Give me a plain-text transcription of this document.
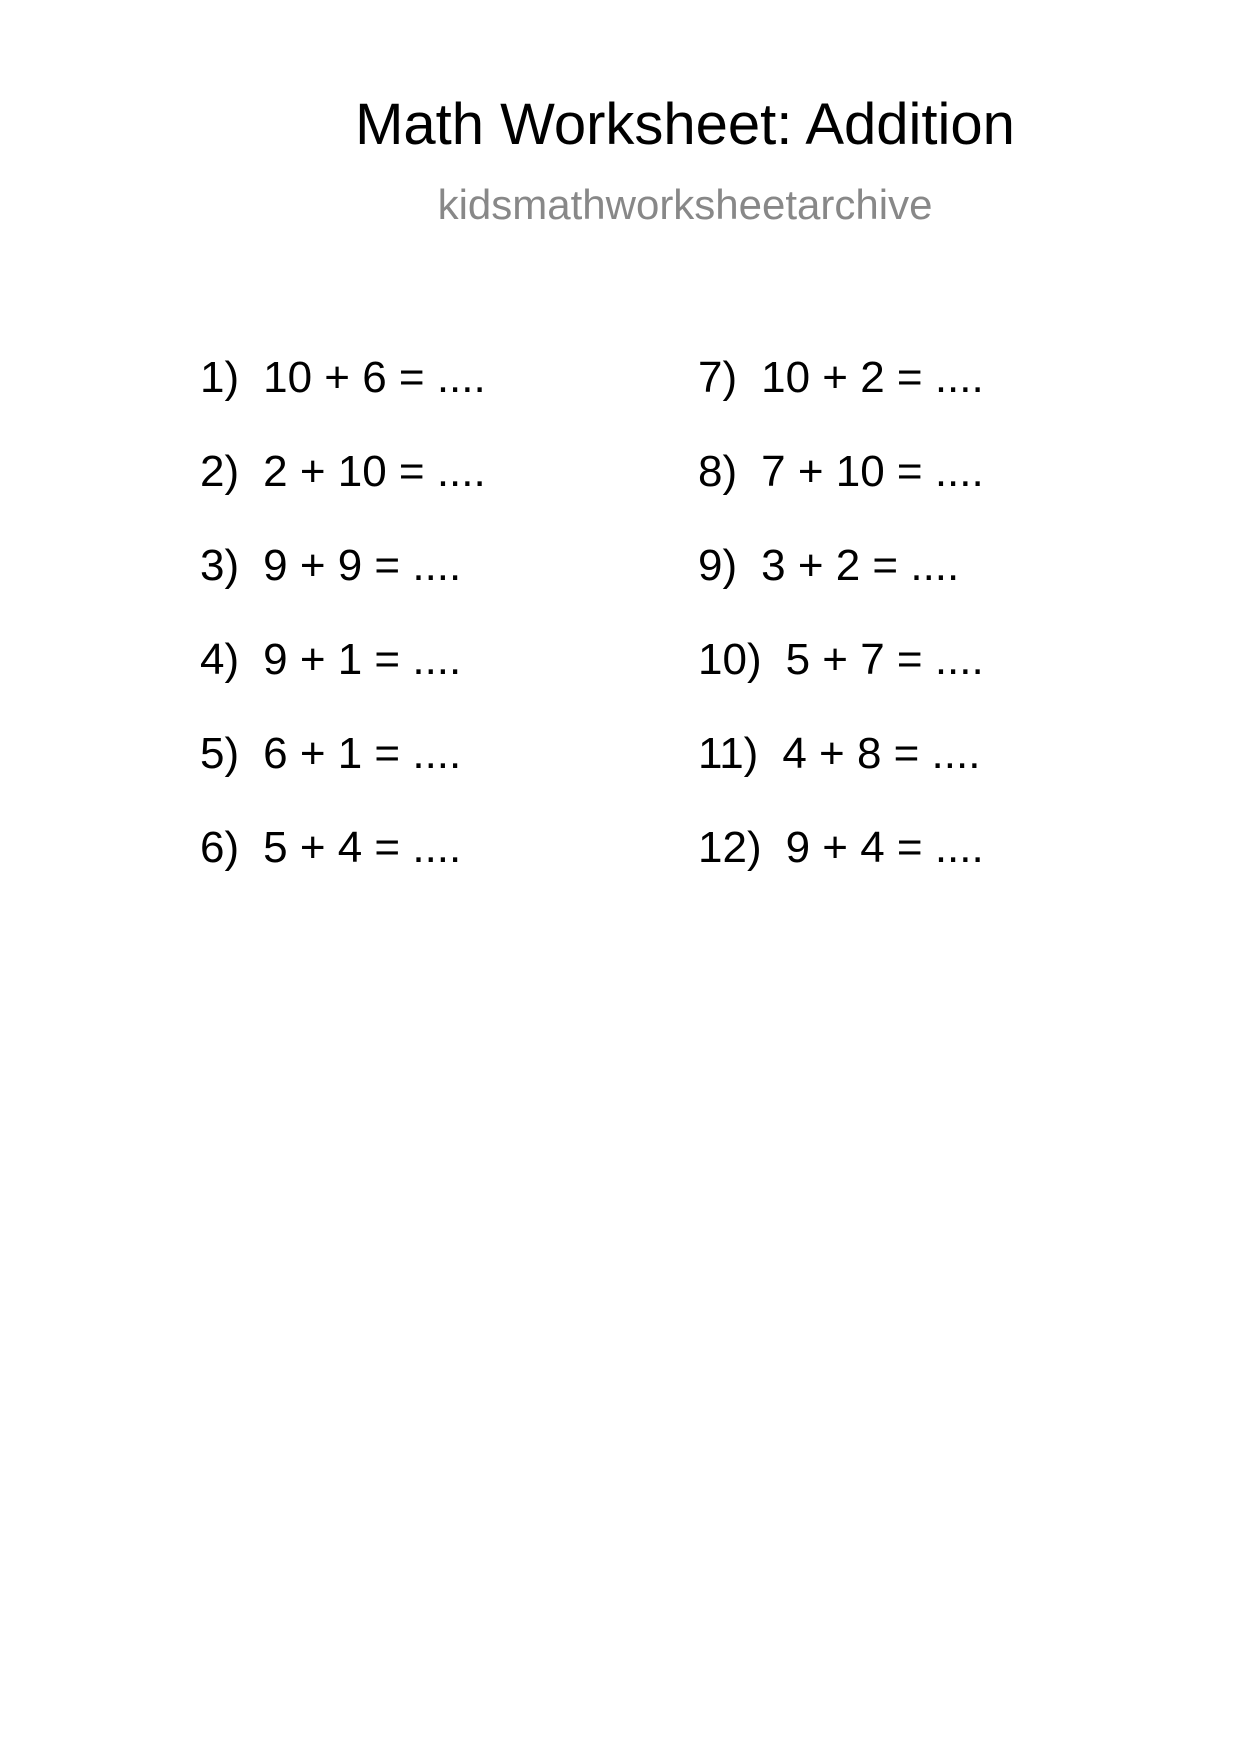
Math Worksheet: Addition
kidsmathworksheetarchive
1) 10 + 6 = ....
2) 2 + 10 = ....
3) 9 + 9 = ....
4) 9 + 1 = ....
5) 6 + 1 = ....
6) 5 + 4 = ....
7) 10 + 2 = ....
8) 7 + 10 = ....
9) 3 + 2 = ....
10) 5 + 7 = ....
11) 4 + 8 = ....
12) 9 + 4 = ....
